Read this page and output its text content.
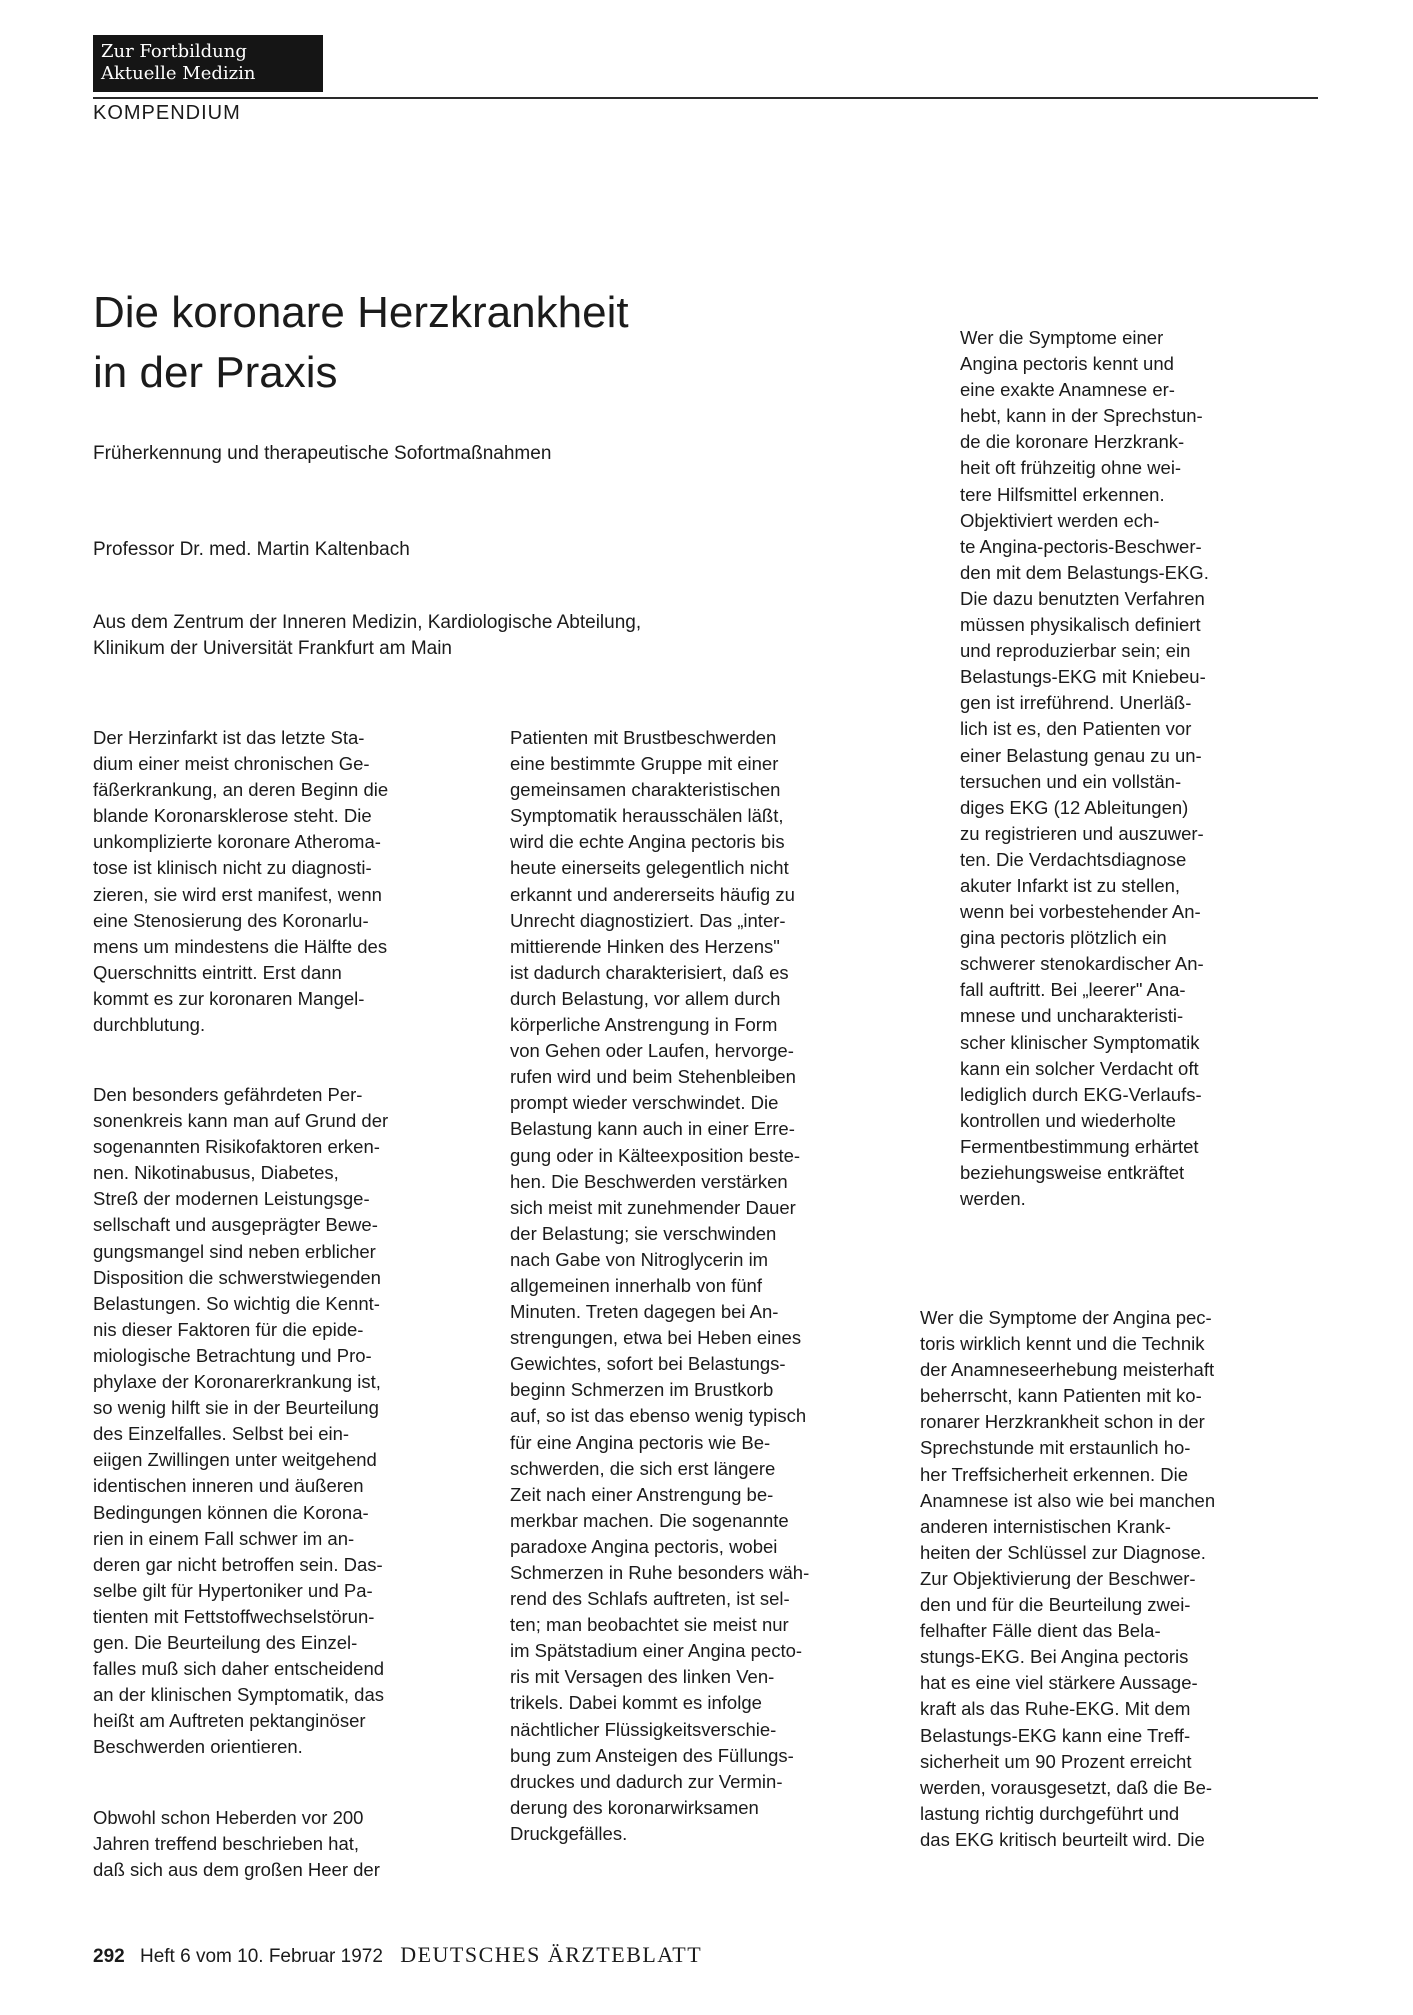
Zur Fortbildung
Aktuelle Medizin
KOMPENDIUM
Die koronare Herzkrankheit
in der Praxis
Früherkennung und therapeutische Sofortmaßnahmen
Professor Dr. med. Martin Kaltenbach
Aus dem Zentrum der Inneren Medizin, Kardiologische Abteilung,
Klinikum der Universität Frankfurt am Main
Der Herzinfarkt ist das letzte Sta-
dium einer meist chronischen Ge-
fäßerkrankung, an deren Beginn die
blande Koronarsklerose steht. Die
unkomplizierte koronare Atheroma-
tose ist klinisch nicht zu diagnosti-
zieren, sie wird erst manifest, wenn
eine Stenosierung des Koronarlu-
mens um mindestens die Hälfte des
Querschnitts eintritt. Erst dann
kommt es zur koronaren Mangel-
durchblutung.
Den besonders gefährdeten Per-
sonenkreis kann man auf Grund der
sogenannten Risikofaktoren erken-
nen. Nikotinabusus, Diabetes,
Streß der modernen Leistungsge-
sellschaft und ausgeprägter Bewe-
gungsmangel sind neben erblicher
Disposition die schwerstwiegenden
Belastungen. So wichtig die Kennt-
nis dieser Faktoren für die epide-
miologische Betrachtung und Pro-
phylaxe der Koronarerkrankung ist,
so wenig hilft sie in der Beurteilung
des Einzelfalles. Selbst bei ein-
eiigen Zwillingen unter weitgehend
identischen inneren und äußeren
Bedingungen können die Korona-
rien in einem Fall schwer im an-
deren gar nicht betroffen sein. Das-
selbe gilt für Hypertoniker und Pa-
tienten mit Fettstoffwechselstörun-
gen. Die Beurteilung des Einzel-
falles muß sich daher entscheidend
an der klinischen Symptomatik, das
heißt am Auftreten pektanginöser
Beschwerden orientieren.
Obwohl schon Heberden vor 200
Jahren treffend beschrieben hat,
daß sich aus dem großen Heer der
Patienten mit Brustbeschwerden
eine bestimmte Gruppe mit einer
gemeinsamen charakteristischen
Symptomatik herausschälen läßt,
wird die echte Angina pectoris bis
heute einerseits gelegentlich nicht
erkannt und andererseits häufig zu
Unrecht diagnostiziert. Das „inter-
mittierende Hinken des Herzens"
ist dadurch charakterisiert, daß es
durch Belastung, vor allem durch
körperliche Anstrengung in Form
von Gehen oder Laufen, hervorge-
rufen wird und beim Stehenbleiben
prompt wieder verschwindet. Die
Belastung kann auch in einer Erre-
gung oder in Kälteexposition beste-
hen. Die Beschwerden verstärken
sich meist mit zunehmender Dauer
der Belastung; sie verschwinden
nach Gabe von Nitroglycerin im
allgemeinen innerhalb von fünf
Minuten. Treten dagegen bei An-
strengungen, etwa bei Heben eines
Gewichtes, sofort bei Belastungs-
beginn Schmerzen im Brustkorb
auf, so ist das ebenso wenig typisch
für eine Angina pectoris wie Be-
schwerden, die sich erst längere
Zeit nach einer Anstrengung be-
merkbar machen. Die sogenannte
paradoxe Angina pectoris, wobei
Schmerzen in Ruhe besonders wäh-
rend des Schlafs auftreten, ist sel-
ten; man beobachtet sie meist nur
im Spätstadium einer Angina pecto-
ris mit Versagen des linken Ven-
trikels. Dabei kommt es infolge
nächtlicher Flüssigkeitsverschie-
bung zum Ansteigen des Füllungs-
druckes und dadurch zur Vermin-
derung des koronarwirksamen
Druckgefälles.
Wer die Symptome einer
Angina pectoris kennt und
eine exakte Anamnese er-
hebt, kann in der Sprechstun-
de die koronare Herzkrank-
heit oft frühzeitig ohne wei-
tere Hilfsmittel erkennen.
Objektiviert werden ech-
te Angina-pectoris-Beschwer-
den mit dem Belastungs-EKG.
Die dazu benutzten Verfahren
müssen physikalisch definiert
und reproduzierbar sein; ein
Belastungs-EKG mit Kniebeu-
gen ist irreführend. Unerläß-
lich ist es, den Patienten vor
einer Belastung genau zu un-
tersuchen und ein vollstän-
diges EKG (12 Ableitungen)
zu registrieren und auszuwer-
ten. Die Verdachtsdiagnose
akuter Infarkt ist zu stellen,
wenn bei vorbestehender An-
gina pectoris plötzlich ein
schwerer stenokardischer An-
fall auftritt. Bei „leerer" Ana-
mnese und uncharakteristi-
scher klinischer Symptomatik
kann ein solcher Verdacht oft
lediglich durch EKG-Verlaufs-
kontrollen und wiederholte
Fermentbestimmung erhärtet
beziehungsweise entkräftet
werden.
Wer die Symptome der Angina pec-
toris wirklich kennt und die Technik
der Anamneseerhebung meisterhaft
beherrscht, kann Patienten mit ko-
ronarer Herzkrankheit schon in der
Sprechstunde mit erstaunlich ho-
her Treffsicherheit erkennen. Die
Anamnese ist also wie bei manchen
anderen internistischen Krank-
heiten der Schlüssel zur Diagnose.
Zur Objektivierung der Beschwer-
den und für die Beurteilung zwei-
felhafter Fälle dient das Bela-
stungs-EKG. Bei Angina pectoris
hat es eine viel stärkere Aussage-
kraft als das Ruhe-EKG. Mit dem
Belastungs-EKG kann eine Treff-
sicherheit um 90 Prozent erreicht
werden, vorausgesetzt, daß die Be-
lastung richtig durchgeführt und
das EKG kritisch beurteilt wird. Die
292 Heft 6 vom 10. Februar 1972 DEUTSCHES ÄRZTEBLATT
